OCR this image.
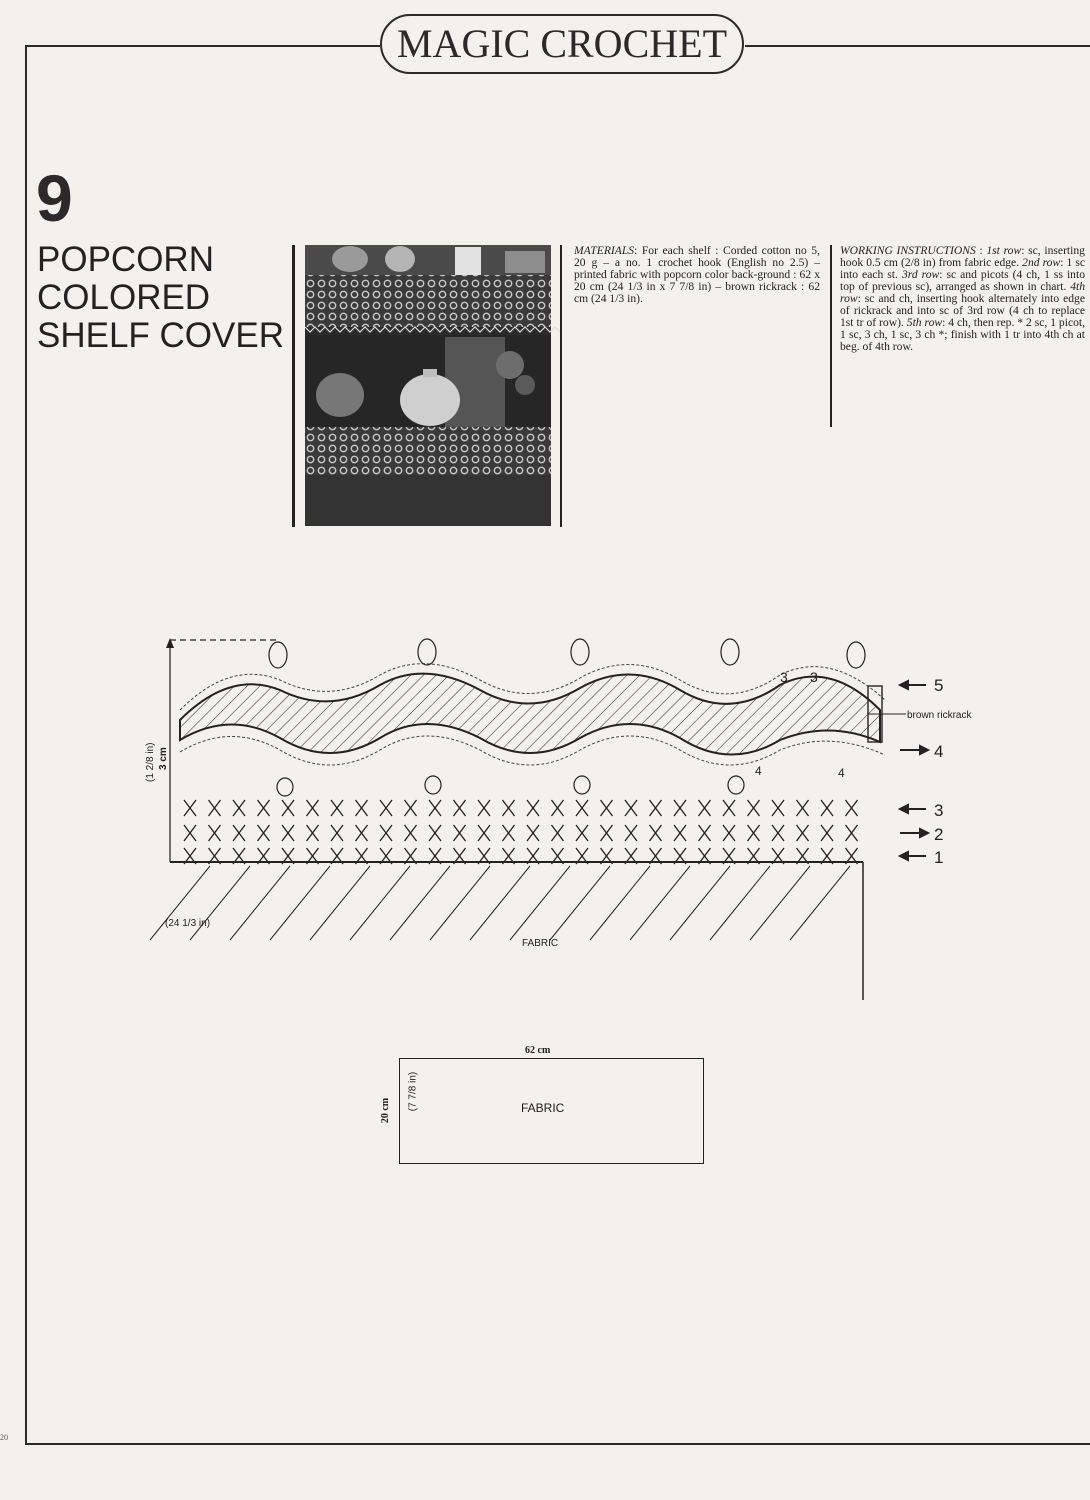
MAGIC CROCHET
9
POPCORN
COLORED
SHELF COVER
MATERIALS: For each shelf : Corded cotton no 5, 20 g – a no. 1 crochet hook (English no 2.5) – printed fabric with popcorn color back-ground : 62 x 20 cm (24 1/3 in x 7 7/8 in) – brown rickrack : 62 cm (24 1/3 in).
WORKING INSTRUCTIONS : 1st row: sc, inserting hook 0.5 cm (2/8 in) from fabric edge. 2nd row: 1 sc into each st. 3rd row: sc and picots (4 ch, 1 ss into top of previous sc), arranged as shown in chart. 4th row: sc and ch, inserting hook alternately into edge of rickrack and into sc of 3rd row (4 ch to replace 1st tr of row). 5th row: 4 ch, then rep. * 2 sc, 1 picot, 1 sc, 3 ch, 1 sc, 3 ch *; finish with 1 tr into 4th ch at beg. of 4th row.
(1 2/8 in) 3 cm
(24 1/3 in)
FABRIC
brown rickrack
3 3
4	4
5
4
3
2
1
62 cm
FABRIC
20 cm (7 7/8 in)
20
